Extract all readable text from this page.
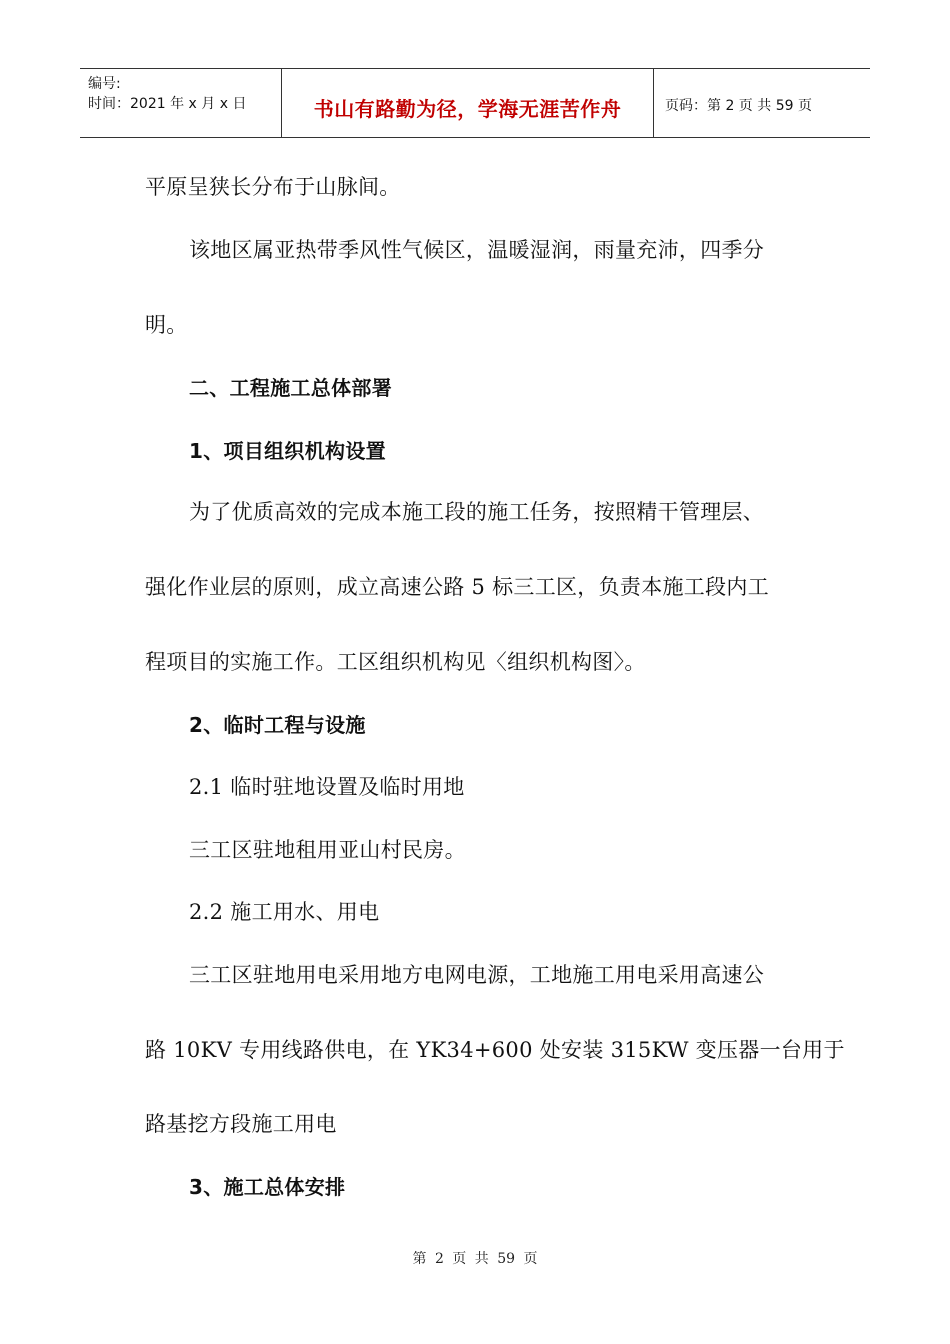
编号:
时间：2021 年 x 月 x 日	书山有路勤为径，学海无涯苦作舟	页码：第 2 页 共 59 页
平原呈狭长分布于山脉间。
该地区属亚热带季风性气候区，温暖湿润，雨量充沛，四季分
明。
二、工程施工总体部署
1、项目组织机构设置
为了优质高效的完成本施工段的施工任务，按照精干管理层、
强化作业层的原则，成立高速公路 5 标三工区，负责本施工段内工
程项目的实施工作。工区组织机构见〈组织机构图〉。
2、临时工程与设施
2.1 临时驻地设置及临时用地
三工区驻地租用亚山村民房。
2.2 施工用水、用电
三工区驻地用电采用地方电网电源，工地施工用电采用高速公
路 10KV 专用线路供电，在 YK34+600 处安装 315KW 变压器一台用于
路基挖方段施工用电
3、施工总体安排
第 2 页 共 59 页
